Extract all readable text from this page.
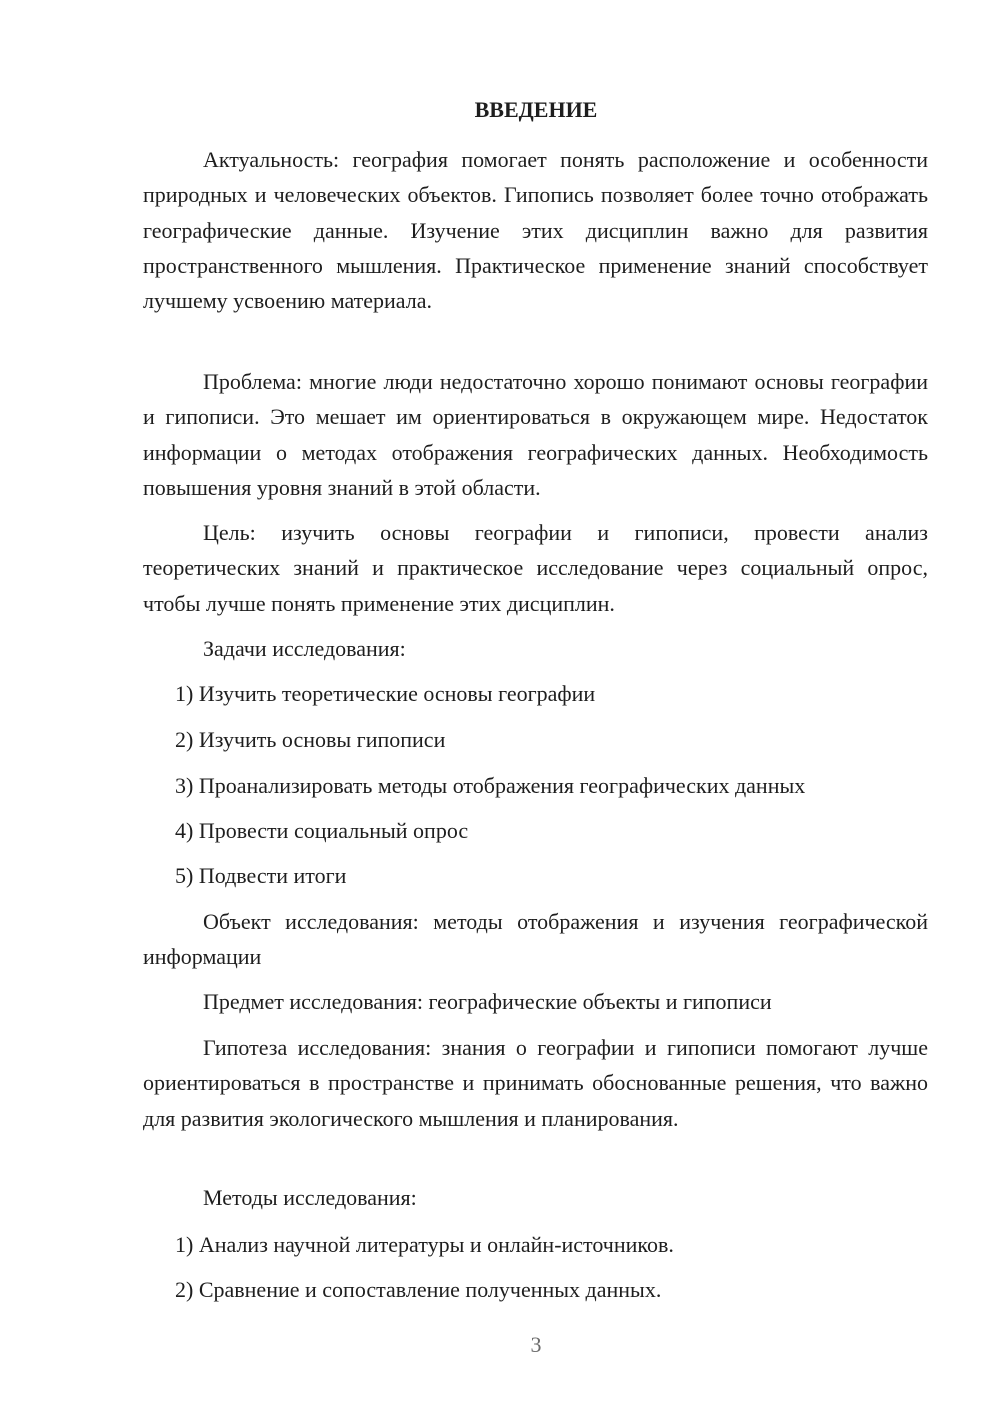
ВВЕДЕНИЕ

Актуальность: география помогает понять расположение и особенности природных и человеческих объектов. Гипопись позволяет более точно отображать географические данные. Изучение этих дисциплин важно для развития пространственного мышления. Практическое применение знаний способствует лучшему усвоению материала.

Проблема: многие люди недостаточно хорошо понимают основы географии и гипописи. Это мешает им ориентироваться в окружающем мире. Недостаток информации о методах отображения географических данных. Необходимость повышения уровня знаний в этой области.

Цель: изучить основы географии и гипописи, провести анализ теоретических знаний и практическое исследование через социальный опрос, чтобы лучше понять применение этих дисциплин.

Задачи исследования:

1) Изучить теоретические основы географии

2) Изучить основы гипописи

3) Проанализировать методы отображения географических данных

4) Провести социальный опрос

5) Подвести итоги

Объект исследования: методы отображения и изучения географической информации

Предмет исследования: географические объекты и гипописи

Гипотеза исследования: знания о географии и гипописи помогают лучше ориентироваться в пространстве и принимать обоснованные решения, что важно для развития экологического мышления и планирования.

Методы исследования:

1) Анализ научной литературы и онлайн-источников.

2) Сравнение и сопоставление полученных данных.

3
